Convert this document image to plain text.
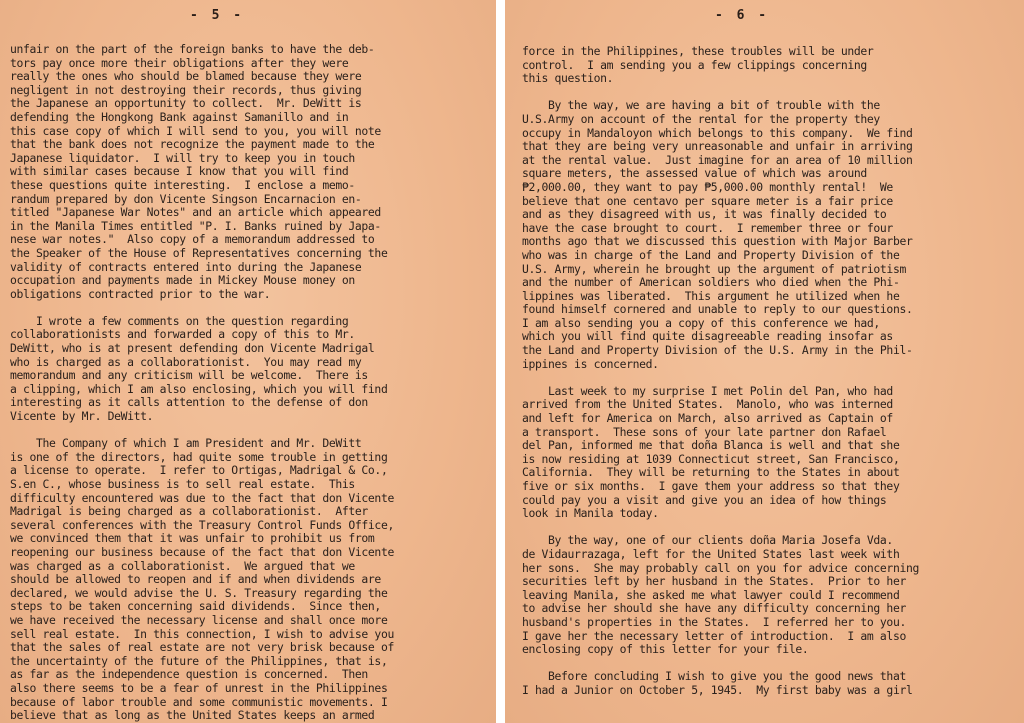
- 5 -
unfair on the part of the foreign banks to have the deb-
tors pay once more their obligations after they were
really the ones who should be blamed because they were
negligent in not destroying their records, thus giving
the Japanese an opportunity to collect.  Mr. DeWitt is
defending the Hongkong Bank against Samanillo and in
this case copy of which I will send to you, you will note
that the bank does not recognize the payment made to the
Japanese liquidator.  I will try to keep you in touch
with similar cases because I know that you will find
these questions quite interesting.  I enclose a memo-
randum prepared by don Vicente Singson Encarnacion en-
titled "Japanese War Notes" and an article which appeared
in the Manila Times entitled "P. I. Banks ruined by Japa-
nese war notes."  Also copy of a memorandum addressed to
the Speaker of the House of Representatives concerning the
validity of contracts entered into during the Japanese
occupation and payments made in Mickey Mouse money on
obligations contracted prior to the war.
I wrote a few comments on the question regarding
collaborationists and forwarded a copy of this to Mr.
DeWitt, who is at present defending don Vicente Madrigal
who is charged as a collaborationist.  You may read my
memorandum and any criticism will be welcome.  There is
a clipping, which I am also enclosing, which you will find
interesting as it calls attention to the defense of don
Vicente by Mr. DeWitt.
The Company of which I am President and Mr. DeWitt
is one of the directors, had quite some trouble in getting
a license to operate.  I refer to Ortigas, Madrigal & Co.,
S.en C., whose business is to sell real estate.  This
difficulty encountered was due to the fact that don Vicente
Madrigal is being charged as a collaborationist.  After
several conferences with the Treasury Control Funds Office,
we convinced them that it was unfair to prohibit us from
reopening our business because of the fact that don Vicente
was charged as a collaborationist.  We argued that we
should be allowed to reopen and if and when dividends are
declared, we would advise the U. S. Treasury regarding the
steps to be taken concerning said dividends.  Since then,
we have received the necessary license and shall once more
sell real estate.  In this connection, I wish to advise you
that the sales of real estate are not very brisk because of
the uncertainty of the future of the Philippines, that is,
as far as the independence question is concerned.  Then
also there seems to be a fear of unrest in the Philippines
because of labor trouble and some communistic movements. I
believe that as long as the United States keeps an armed
- 6 -
force in the Philippines, these troubles will be under
control.  I am sending you a few clippings concerning
this question.
By the way, we are having a bit of trouble with the
U.S.Army on account of the rental for the property they
occupy in Mandaloyon which belongs to this company.  We find
that they are being very unreasonable and unfair in arriving
at the rental value.  Just imagine for an area of 10 million
square meters, the assessed value of which was around
₱2,000.00, they want to pay ₱5,000.00 monthly rental!  We
believe that one centavo per square meter is a fair price
and as they disagreed with us, it was finally decided to
have the case brought to court.  I remember three or four
months ago that we discussed this question with Major Barber
who was in charge of the Land and Property Division of the
U.S. Army, wherein he brought up the argument of patriotism
and the number of American soldiers who died when the Phi-
lippines was liberated.  This argument he utilized when he
found himself cornered and unable to reply to our questions.
I am also sending you a copy of this conference we had,
which you will find quite disagreeable reading insofar as
the Land and Property Division of the U.S. Army in the Phil-
ippines is concerned.
Last week to my surprise I met Polin del Pan, who had
arrived from the United States.  Manolo, who was interned
and left for America on March, also arrived as Captain of
a transport.  These sons of your late partner don Rafael
del Pan, informed me that doña Blanca is well and that she
is now residing at 1039 Connecticut street, San Francisco,
California.  They will be returning to the States in about
five or six months.  I gave them your address so that they
could pay you a visit and give you an idea of how things
look in Manila today.
By the way, one of our clients doña Maria Josefa Vda.
de Vidaurrazaga, left for the United States last week with
her sons.  She may probably call on you for advice concerning
securities left by her husband in the States.  Prior to her
leaving Manila, she asked me what lawyer could I recommend
to advise her should she have any difficulty concerning her
husband's properties in the States.  I referred her to you.
I gave her the necessary letter of introduction.  I am also
enclosing copy of this letter for your file.
Before concluding I wish to give you the good news that
I had a Junior on October 5, 1945.  My first baby was a girl
